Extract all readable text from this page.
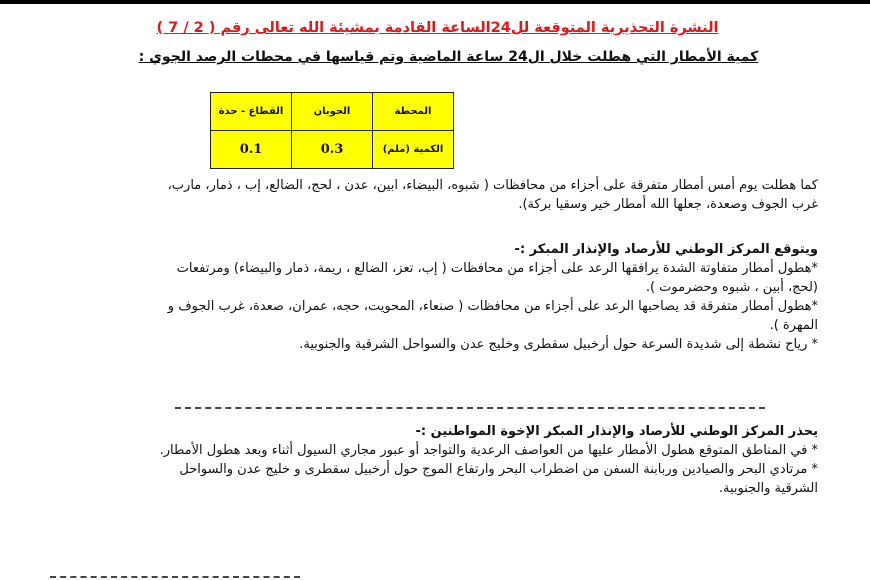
النشرة التحذيرية المتوقعة لل24الساعة القادمة بمشيئة الله تعالى رقم ( 2 / 7 )
كمية الأمطار التي هطلت خلال ال24 ساعة الماضية وتم قياسها في محطات الرصد الجوي :
المحطة	الحوبان	القطاع - حدة
الكمية (ملم)	0.3	0.1
كما هطلت يوم أمس أمطار متفرقة على أجزاء من محافظات ( شبوه، البيضاء، ابين، عدن ، لحج، الضالع، إب ، ذمار، مارب،
غرب الجوف وصعدة، جعلها الله أمطار خير وسقيا بركة).
ويتوقع المركز الوطني للأرصاد والإنذار المبكر :-
*هطول أمطار متفاوتة الشدة يرافقها الرعد على أجزاء من محافظات ( إب، تعز، الضالع ، ريمة، ذمار والبيضاء) ومرتفعات
(لحج، أبين ، شبوه وحضرموت ).
*هطول أمطار متفرقة قد يصاحبها الرعد على أجزاء من محافظات ( صنعاء، المحويت، حجه، عمران، صعدة، غرب الجوف و
المهرة ).
* رياح نشطة إلى شديدة السرعة حول أرخبيل سقطرى وخليج عدن والسواحل الشرقية والجنوبية.
يحذر المركز الوطني للأرصاد والإنذار المبكر الإخوة المواطنين :-
* في المناطق المتوقع هطول الأمطار عليها من العواصف الرعدية والتواجد أو عبور مجاري السيول أثناء وبعد هطول الأمطار.
* مرتادي البحر والصيادين وربابنة السفن من اضطراب البحر وارتفاع الموج حول أرخبيل سقطرى و خليج عدن والسواحل
الشرقية والجنوبية.
